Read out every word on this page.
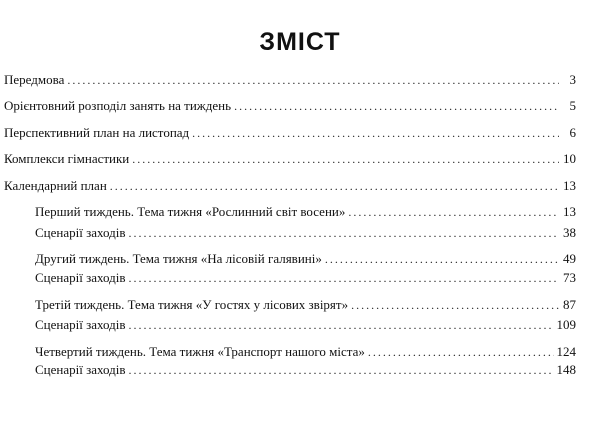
ЗМІСТ
Передмова .....	3
Орієнтовний розподіл занять на тиждень .....	5
Перспективний план на листопад .....	6
Комплекси гімнастики .....	10
Календарний план .....	13
Перший тиждень. Тема тижня «Рослинний світ восени» .....	13
Сценарії заходів .....	38
Другий тиждень. Тема тижня «На лісовій галявині» .....	49
Сценарії заходів .....	73
Третій тиждень. Тема тижня «У гостях у лісових звірят» .....	87
Сценарії заходів .....	109
Четвертий тиждень. Тема тижня «Транспорт нашого міста» .....	124
Сценарії заходів .....	148
